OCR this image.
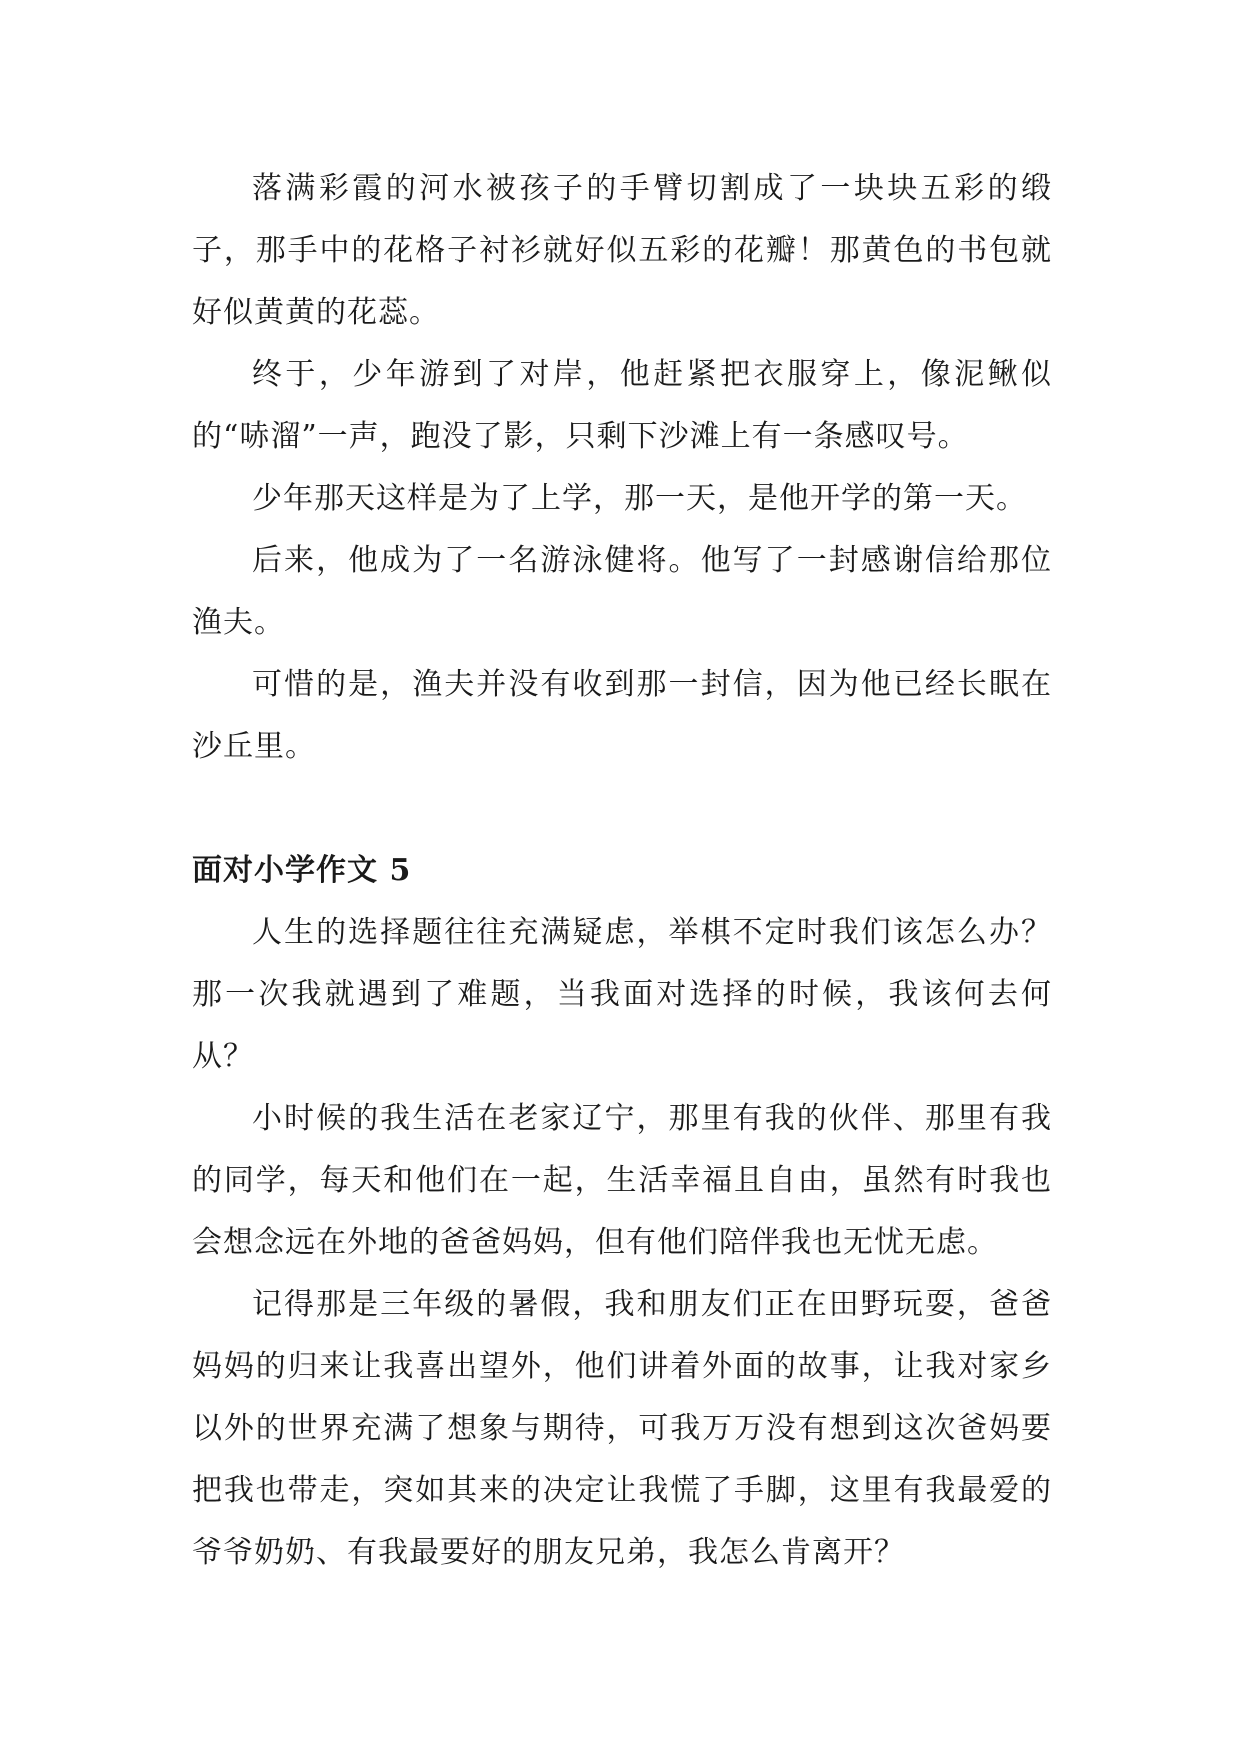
落满彩霞的河水被孩子的手臂切割成了一块块五彩的缎子，那手中的花格子衬衫就好似五彩的花瓣！那黄色的书包就好似黄黄的花蕊。

终于，少年游到了对岸，他赶紧把衣服穿上，像泥鳅似的“哧溜”一声，跑没了影，只剩下沙滩上有一条感叹号。

少年那天这样是为了上学，那一天，是他开学的第一天。

后来，他成为了一名游泳健将。他写了一封感谢信给那位渔夫。

可惜的是，渔夫并没有收到那一封信，因为他已经长眠在沙丘里。

面对小学作文 5

人生的选择题往往充满疑虑，举棋不定时我们该怎么办？那一次我就遇到了难题，当我面对选择的时候，我该何去何从？

小时候的我生活在老家辽宁，那里有我的伙伴、那里有我的同学，每天和他们在一起，生活幸福且自由，虽然有时我也会想念远在外地的爸爸妈妈，但有他们陪伴我也无忧无虑。

记得那是三年级的暑假，我和朋友们正在田野玩耍，爸爸妈妈的归来让我喜出望外，他们讲着外面的故事，让我对家乡以外的世界充满了想象与期待，可我万万没有想到这次爸妈要把我也带走，突如其来的决定让我慌了手脚，这里有我最爱的爷爷奶奶、有我最要好的朋友兄弟，我怎么肯离开？
